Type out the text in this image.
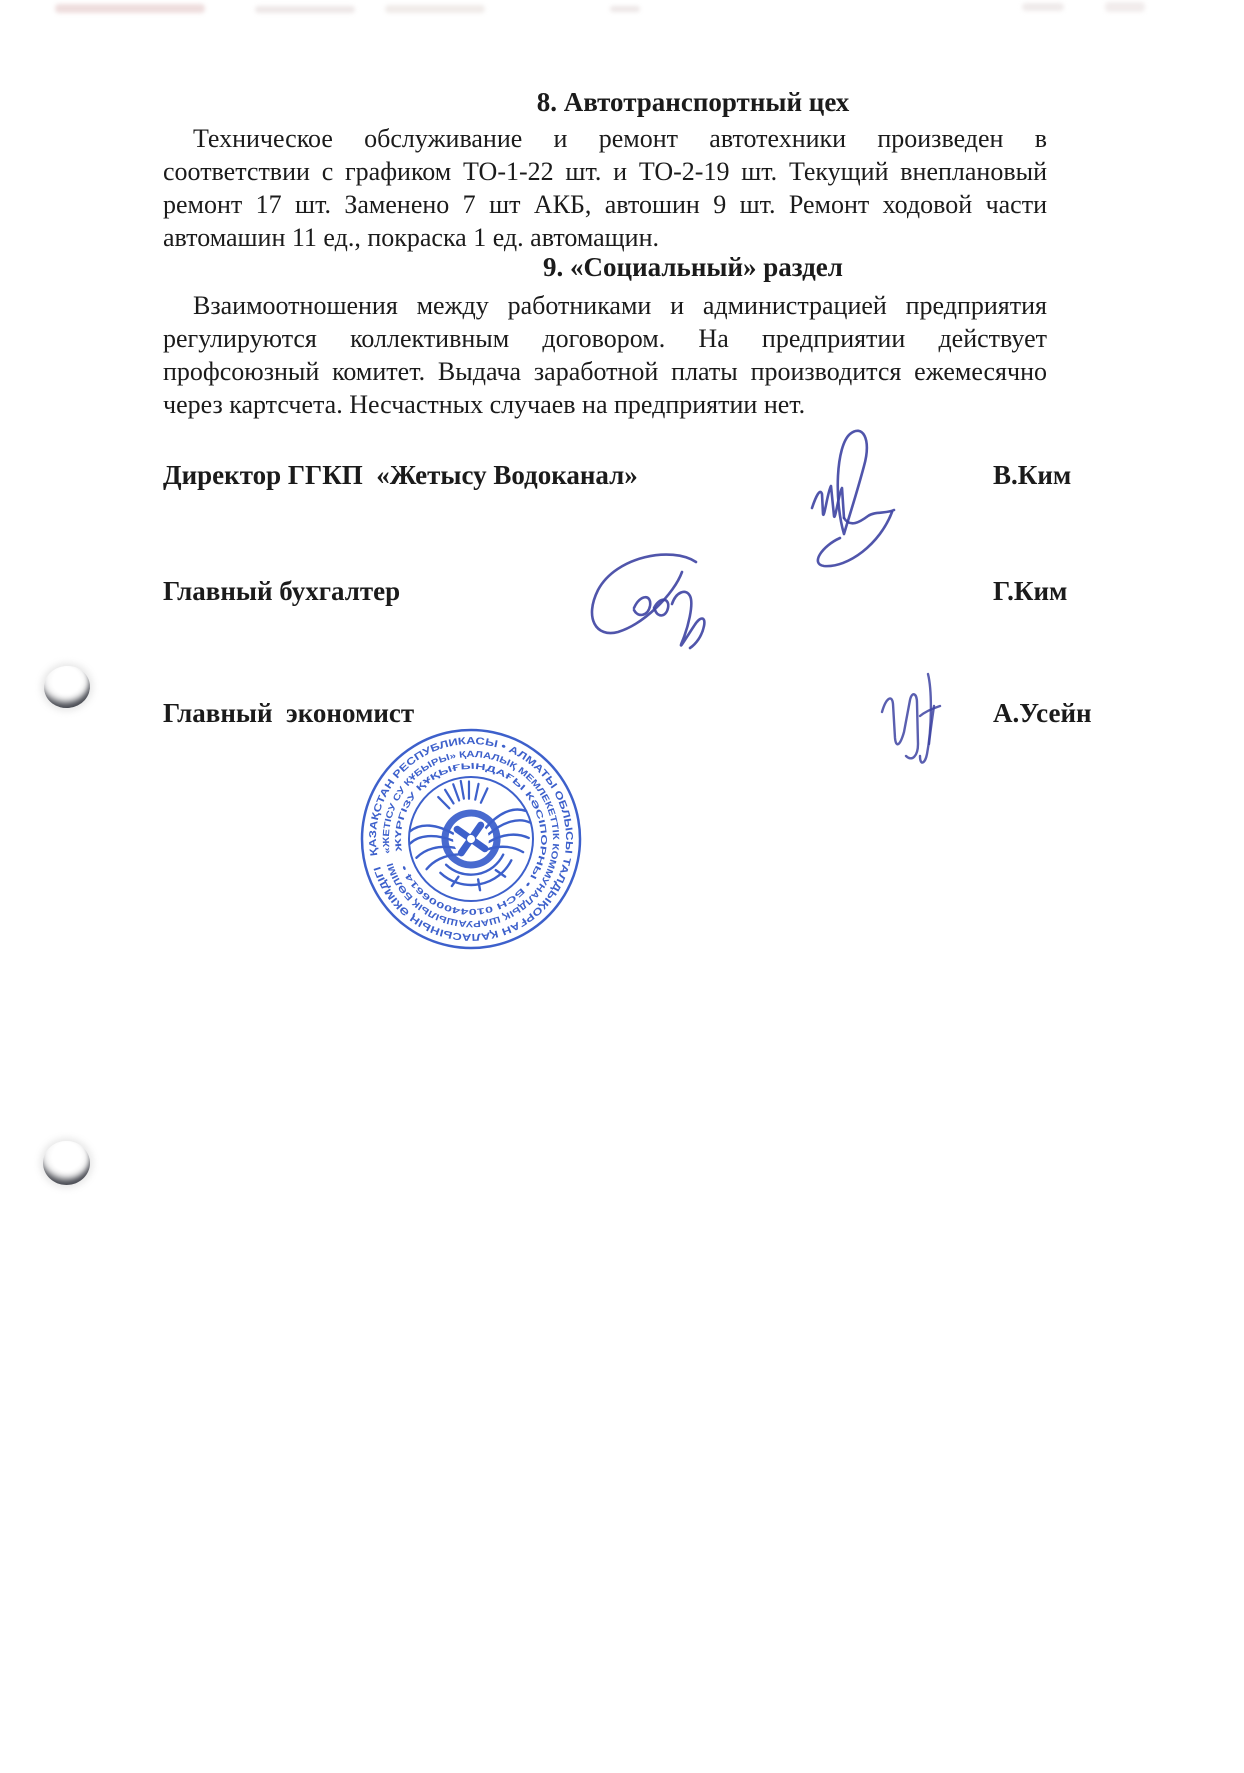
8. Автотранспортный цех
Техническое обслуживание и ремонт автотехники произведен в
соответствии с графиком ТО-1-22 шт. и ТО-2-19 шт. Текущий внеплановый
ремонт 17 шт. Заменено 7 шт АКБ, автошин 9 шт. Ремонт ходовой части
автомашин 11 ед., покраска 1 ед. автомащин.
9. «Социальный» раздел
Взаимоотношения между работниками и администрацией предприятия
регулируются коллективным договором. На предприятии действует
профсоюзный комитет. Выдача заработной платы производится ежемесячно
через картсчета. Несчастных случаев на предприятии нет.
Директор ГГКП  «Жетысу Водоканал»	В.Ким
Главный бухгалтер	Г.Ким
Главный  экономист	А.Усейн
ҚАЗАҚСТАН РЕСПУБЛИКАСЫ • АЛМАТЫ ОБЛЫСЫ ТАЛДЫҚОРҒАН ҚАЛАСЫНЫҢ ӘКІМДІГІ
«ЖЕТІСУ СУ ҚҰБЫРЫ» ҚАЛАЛЫҚ МЕМЛЕКЕТТІК КОММУНАЛДЫҚ ШАРУАШЫЛЫҚ БӨЛІМІ
ЖҮРГІЗУ ҚҰҚЫҒЫНДАҒЫ КӘСІПОРНЫ • БСН 010440006614 •
